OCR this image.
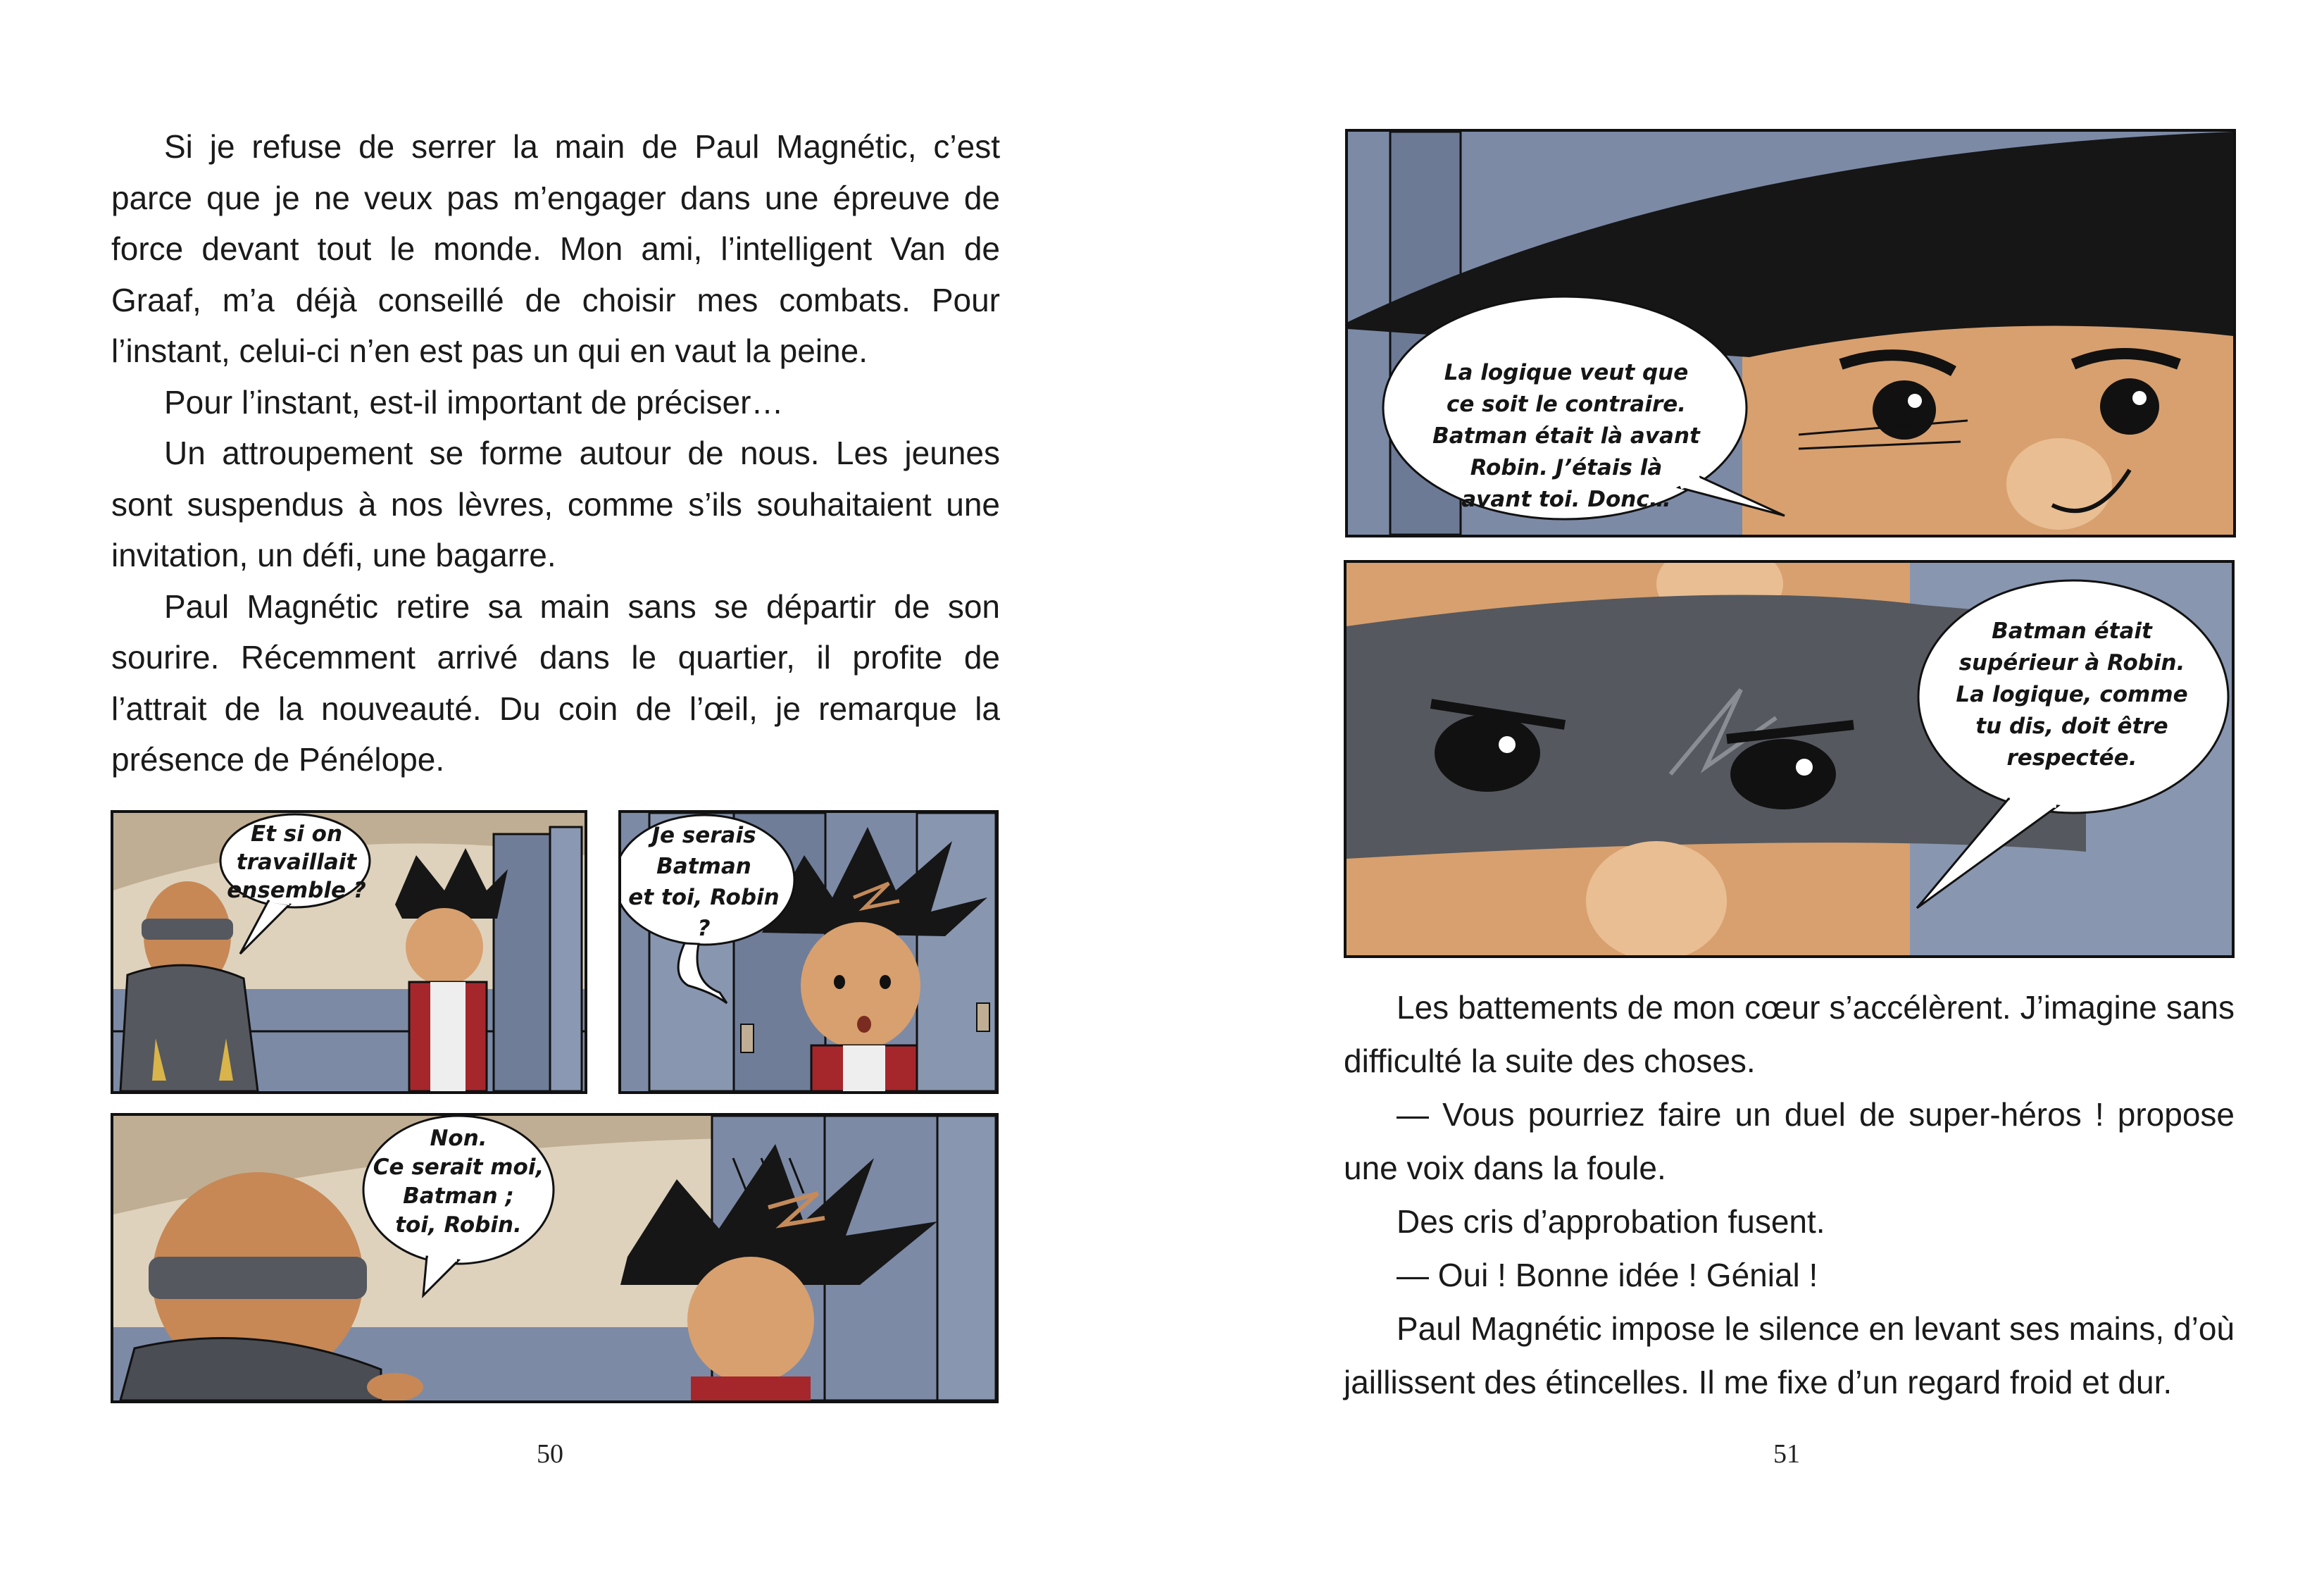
Si je refuse de serrer la main de Paul Magnétic, c’est parce que je ne veux pas m’engager dans une épreuve de force devant tout le monde. Mon ami, l’intelligent Van de Graaf, m’a déjà conseillé de choisir mes combats. Pour l’instant, celui-ci n’en est pas un qui en vaut la peine.

Pour l’instant, est-il important de préciser…

Un attroupement se forme autour de nous. Les jeunes sont suspendus à nos lèvres, comme s’ils souhaitaient une invitation, un défi, une bagarre.

Paul Magnétic retire sa main sans se départir de son sourire. Récemment arrivé dans le quartier, il profite de l’attrait de la nouveauté. Du coin de l’œil, je remarque la présence de Pénélope.

Et si on
travaillait
ensemble ?
Je serais
Batman
et toi, Robin ?
Non.
Ce serait moi,
Batman ;
toi, Robin.
50
La logique veut que
ce soit le contraire.
Batman était là avant
Robin. J’étais là
avant toi. Donc…
Batman était
supérieur à Robin.
La logique, comme
tu dis, doit être
respectée.

Les battements de mon cœur s’accélèrent. J’imagine sans difficulté la suite des choses.

— Vous pourriez faire un duel de super-héros ! propose une voix dans la foule.

Des cris d’approbation fusent.

— Oui ! Bonne idée ! Génial !

Paul Magnétic impose le silence en levant ses mains, d’où jaillissent des étincelles. Il me fixe d’un regard froid et dur.

51
